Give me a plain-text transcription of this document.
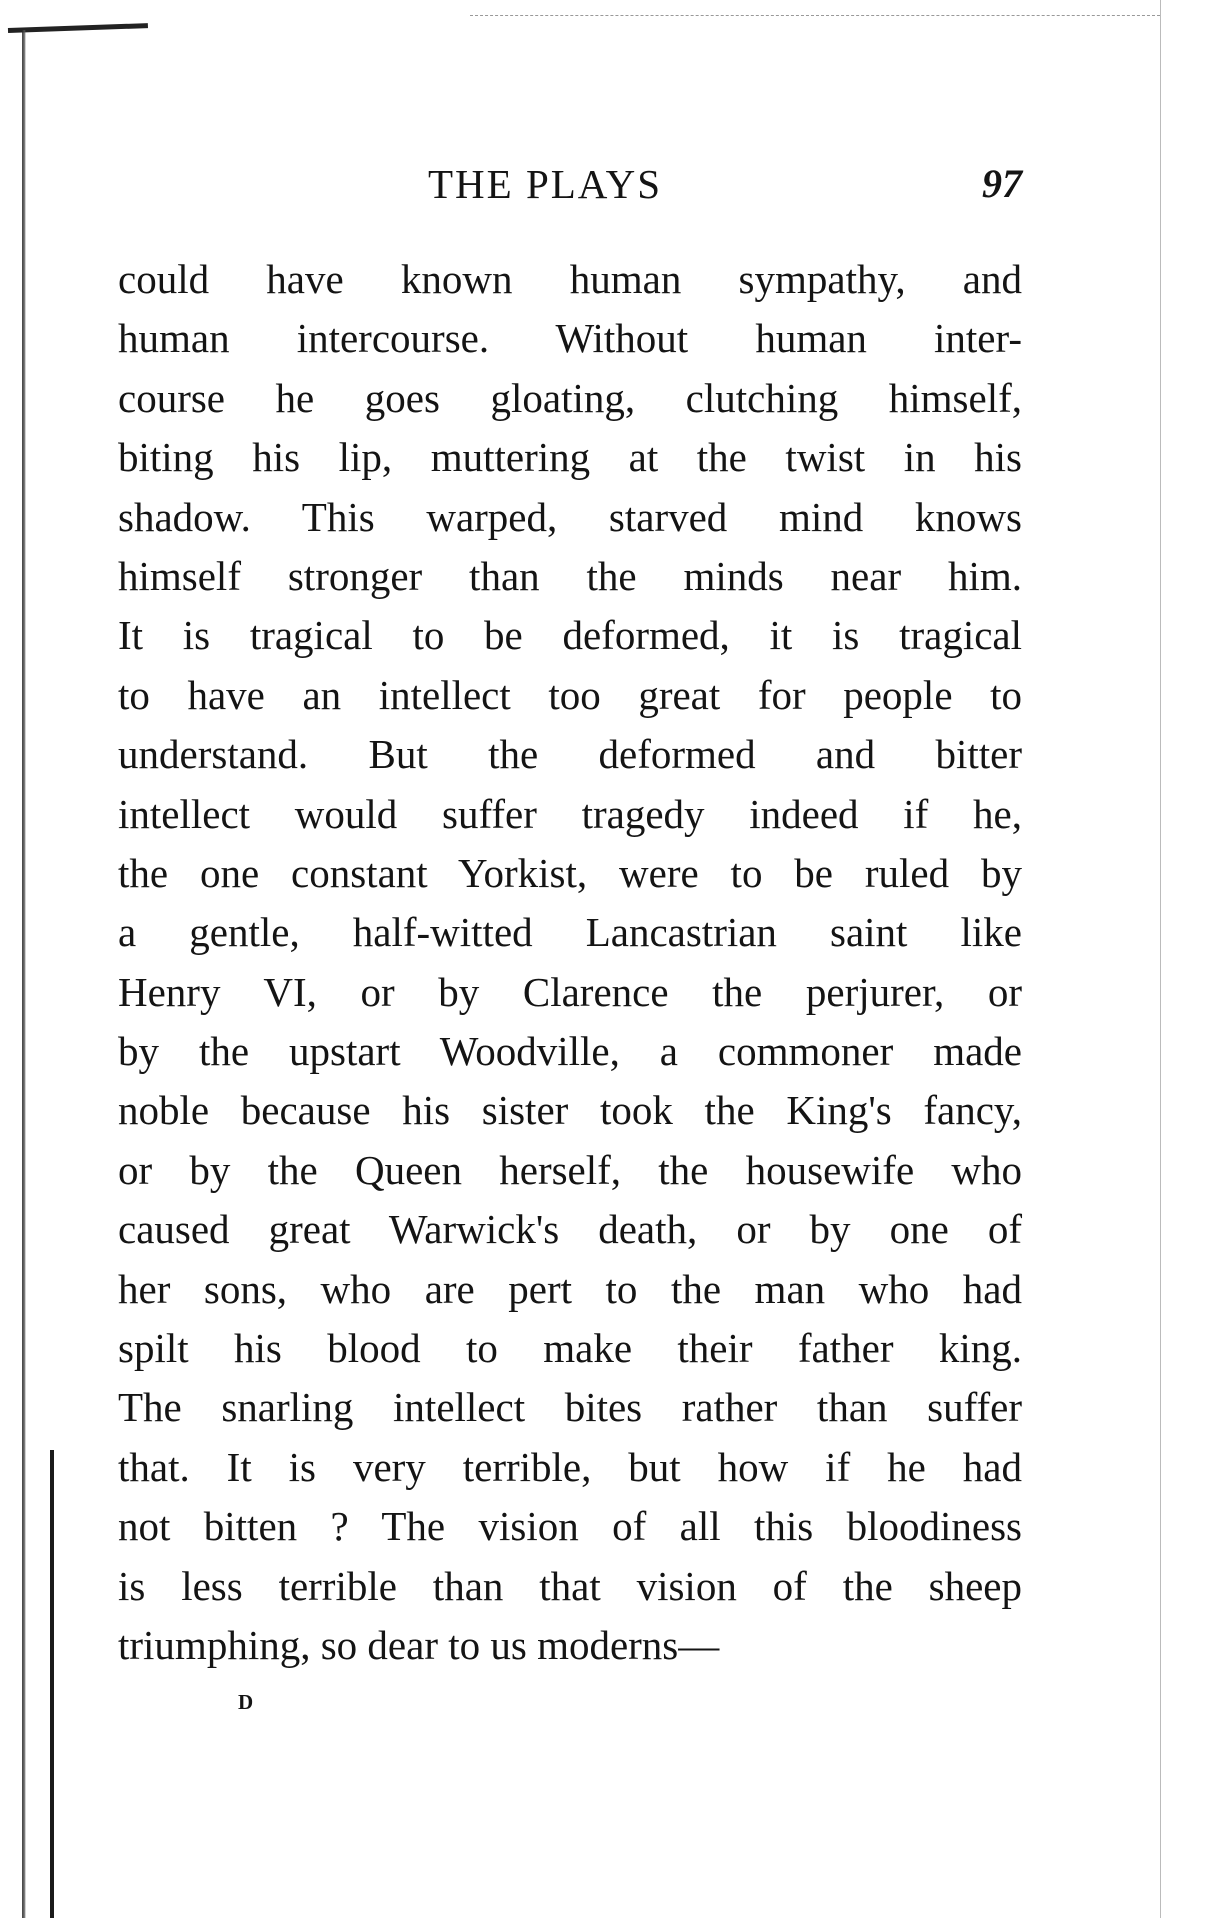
THE PLAYS	97
could have known human sympathy, and
human intercourse. Without human inter-
course he goes gloating, clutching himself,
biting his lip, muttering at the twist in his
shadow. This warped, starved mind knows
himself stronger than the minds near him.
It is tragical to be deformed, it is tragical
to have an intellect too great for people to
understand. But the deformed and bitter
intellect would suffer tragedy indeed if he,
the one constant Yorkist, were to be ruled by
a gentle, half-witted Lancastrian saint like
Henry VI, or by Clarence the perjurer, or
by the upstart Woodville, a commoner made
noble because his sister took the King's fancy,
or by the Queen herself, the housewife who
caused great Warwick's death, or by one of
her sons, who are pert to the man who had
spilt his blood to make their father king.
The snarling intellect bites rather than suffer
that. It is very terrible, but how if he had
not bitten ? The vision of all this bloodiness
is less terrible than that vision of the sheep
triumphing, so dear to us moderns—
D
